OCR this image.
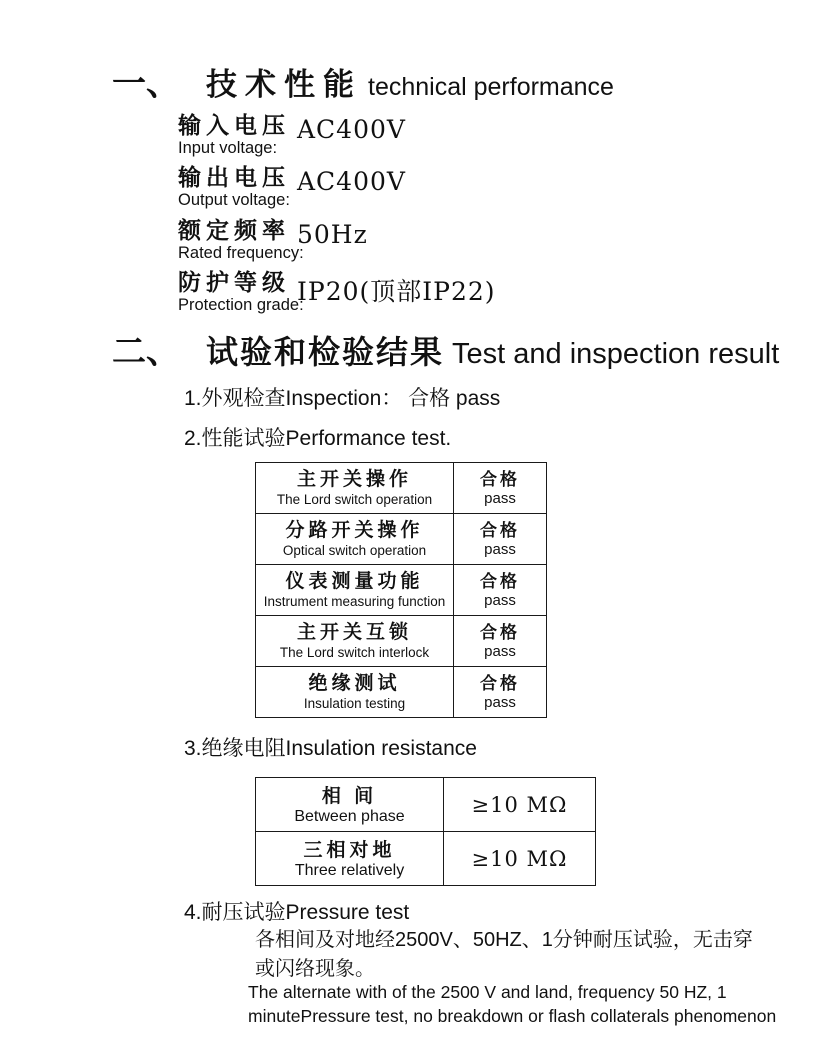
一、 技术性能 technical performance
输入电压
Input voltage:
AC400V
输出电压
Output voltage:
AC400V
额定频率
Rated frequency:
50Hz
防护等级
Protection grade:
IP20(顶部IP22)
二、 试验和检验结果 Test and inspection result
1.外观检查Inspection： 合格 pass
2.性能试验Performance test.
主开关操作
The Lord switch operation

合格
pass

分路开关操作
Optical switch operation

合格
pass

仪表测量功能
Instrument measuring function

合格
pass

主开关互锁
The Lord switch interlock

合格
pass

绝缘测试
Insulation testing

合格
pass
3.绝缘电阻Insulation resistance
相 间
Between phase	≥10 MΩ

三相对地
Three relatively	≥10 MΩ
4.耐压试验Pressure test
各相间及对地经2500V、50HZ、1分钟耐压试验，无击穿
或闪络现象。
The alternate with of the 2500 V and land, frequency 50 HZ, 1
minutePressure test, no breakdown or flash collaterals phenomenon
